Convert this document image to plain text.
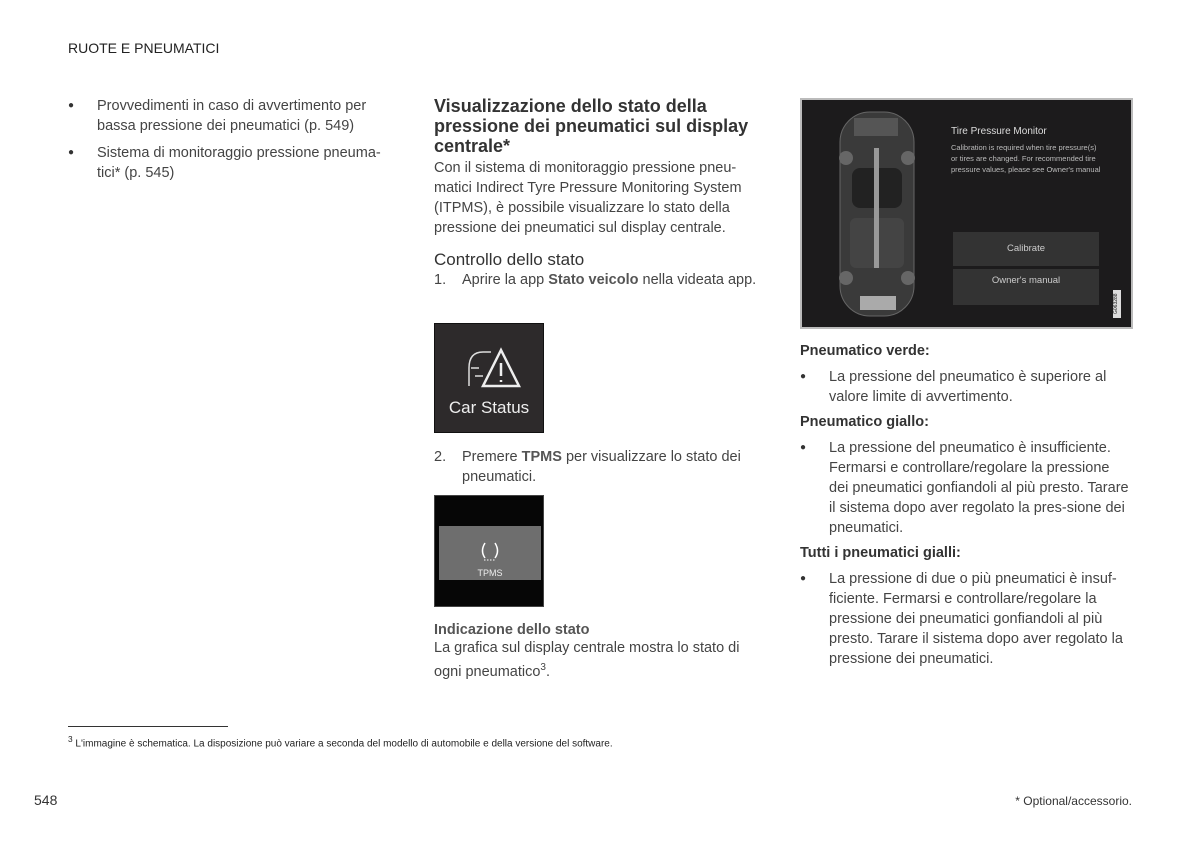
RUOTE E PNEUMATICI
● Provvedimenti in caso di avvertimento per bassa pressione dei pneumatici (p. 549)
● Sistema di monitoraggio pressione pneuma-tici* (p. 545)
Visualizzazione dello stato della pressione dei pneumatici sul display centrale*
Con il sistema di monitoraggio pressione pneu-matici Indirect Tyre Pressure Monitoring System (ITPMS), è possibile visualizzare lo stato della pressione dei pneumatici sul display centrale.
Controllo dello stato
1. Aprire la app Stato veicolo nella videata app.
Car Status
2. Premere TPMS per visualizzare lo stato dei pneumatici.
TPMS
Indicazione dello stato
La grafica sul display centrale mostra lo stato di ogni pneumatico$^3$.
Tire Pressure Monitor
Calibration is required when tire pressure(s) or tires are changed. For recommended tire pressure values, please see Owner's manual
Calibrate
Owner's manual
G063288
Pneumatico verde:
● La pressione del pneumatico è superiore al valore limite di avvertimento.
Pneumatico giallo:
● La pressione del pneumatico è insufficiente. Fermarsi e controllare/regolare la pressione dei pneumatici gonfiandoli al più presto. Tarare il sistema dopo aver regolato la pres-sione dei pneumatici.
Tutti i pneumatici gialli:
● La pressione di due o più pneumatici è insuf-ficiente. Fermarsi e controllare/regolare la pressione dei pneumatici gonfiandoli al più presto. Tarare il sistema dopo aver regolato la pressione dei pneumatici.
$^3$ L'immagine è schematica. La disposizione può variare a seconda del modello di automobile e della versione del software.
548	* Optional/accessorio.
